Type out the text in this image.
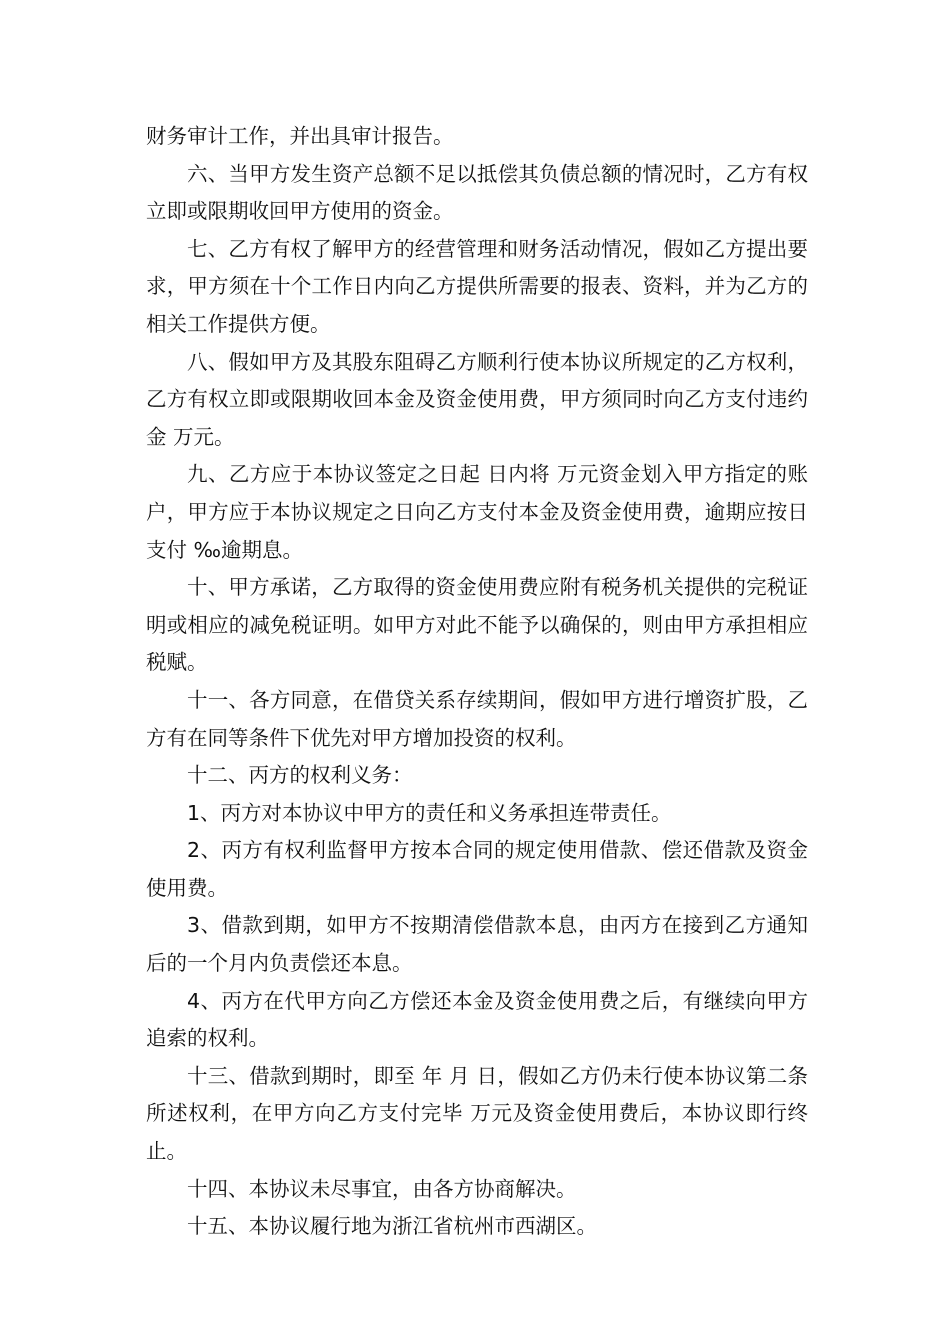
财务审计工作，并出具审计报告。

六、当甲方发生资产总额不足以抵偿其负债总额的情况时，乙方有权立即或限期收回甲方使用的资金。

七、乙方有权了解甲方的经营管理和财务活动情况，假如乙方提出要求，甲方须在十个工作日内向乙方提供所需要的报表、资料，并为乙方的相关工作提供方便。

八、假如甲方及其股东阻碍乙方顺利行使本协议所规定的乙方权利，乙方有权立即或限期收回本金及资金使用费，甲方须同时向乙方支付违约金 万元。

九、乙方应于本协议签定之日起 日内将 万元资金划入甲方指定的账户，甲方应于本协议规定之日向乙方支付本金及资金使用费，逾期应按日支付 ‰逾期息。

十、甲方承诺，乙方取得的资金使用费应附有税务机关提供的完税证明或相应的减免税证明。如甲方对此不能予以确保的，则由甲方承担相应税赋。

十一、各方同意，在借贷关系存续期间，假如甲方进行增资扩股，乙方有在同等条件下优先对甲方增加投资的权利。

十二、丙方的权利义务：

1、丙方对本协议中甲方的责任和义务承担连带责任。

2、丙方有权利监督甲方按本合同的规定使用借款、偿还借款及资金使用费。

3、借款到期，如甲方不按期清偿借款本息，由丙方在接到乙方通知后的一个月内负责偿还本息。

4、丙方在代甲方向乙方偿还本金及资金使用费之后，有继续向甲方追索的权利。

十三、借款到期时，即至 年 月 日，假如乙方仍未行使本协议第二条所述权利，在甲方向乙方支付完毕 万元及资金使用费后，本协议即行终止。

十四、本协议未尽事宜，由各方协商解决。

十五、本协议履行地为浙江省杭州市西湖区。
